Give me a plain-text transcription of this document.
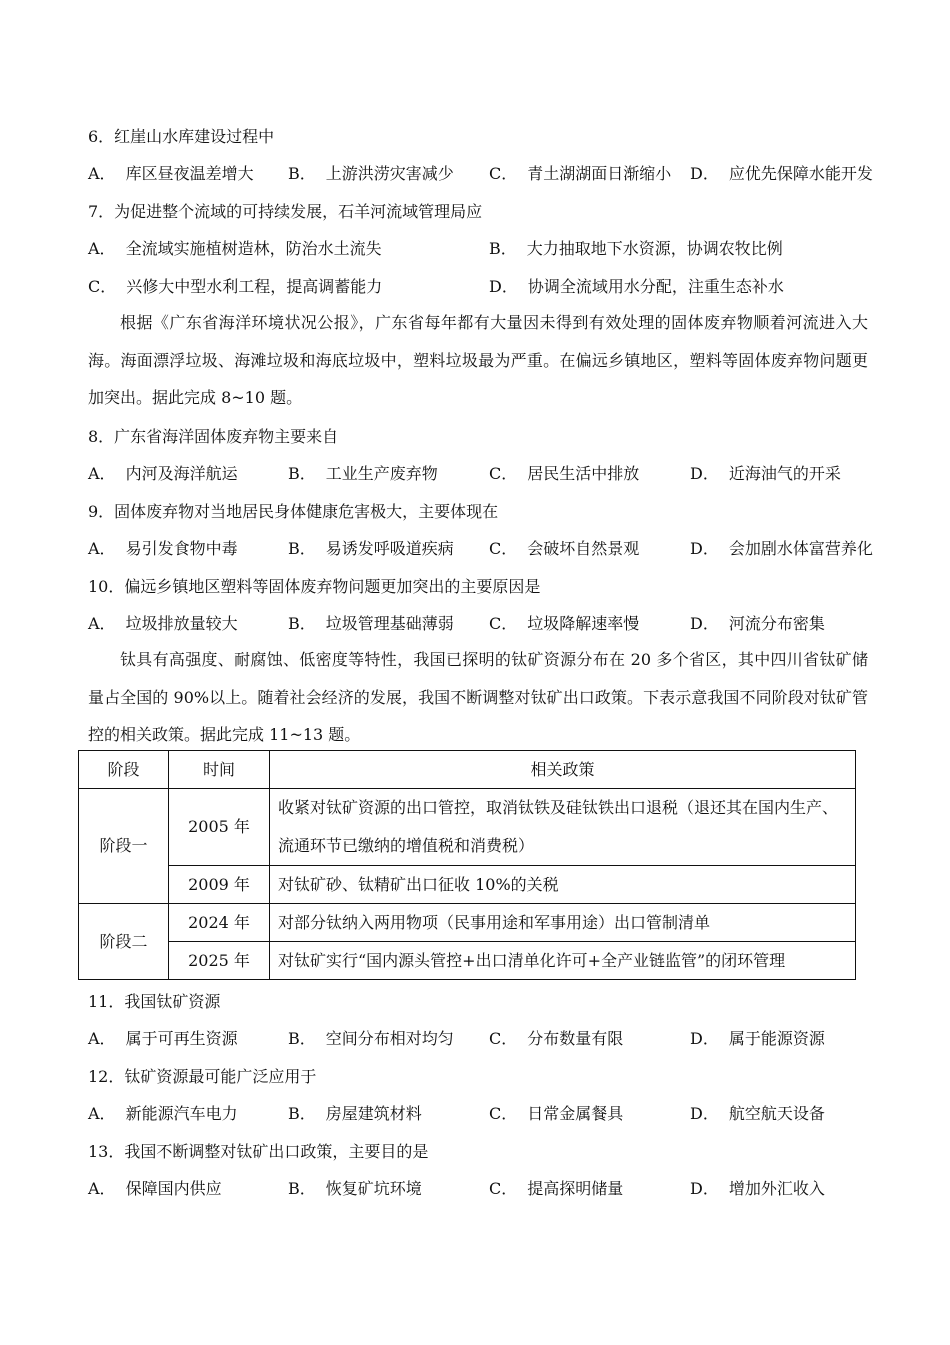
6．红崖山水库建设过程中
A． 库区昼夜温差增大 B． 上游洪涝灾害减少 C． 青土湖湖面日渐缩小 D． 应优先保障水能开发
7．为促进整个流域的可持续发展，石羊河流域管理局应
A． 全流域实施植树造林，防治水土流失	B． 大力抽取地下水资源，协调农牧比例
C． 兴修大中型水利工程，提高调蓄能力	D． 协调全流域用水分配，注重生态补水
根据《广东省海洋环境状况公报》，广东省每年都有大量因未得到有效处理的固体废弃物顺着河流进入大海。海面漂浮垃圾、海滩垃圾和海底垃圾中，塑料垃圾最为严重。在偏远乡镇地区，塑料等固体废弃物问题更加突出。据此完成 8~10 题。
8．广东省海洋固体废弃物主要来自
A． 内河及海洋航运	B． 工业生产废弃物	C． 居民生活中排放	D． 近海油气的开采
9．固体废弃物对当地居民身体健康危害极大，主要体现在
A． 易引发食物中毒	B． 易诱发呼吸道疾病 C． 会破坏自然景观	D． 会加剧水体富营养化
10．偏远乡镇地区塑料等固体废弃物问题更加突出的主要原因是
A． 垃圾排放量较大	B． 垃圾管理基础薄弱 C． 垃圾降解速率慢	D． 河流分布密集
钛具有高强度、耐腐蚀、低密度等特性，我国已探明的钛矿资源分布在 20 多个省区，其中四川省钛矿储量占全国的 90%以上。随着社会经济的发展，我国不断调整对钛矿出口政策。下表示意我国不同阶段对钛矿管控的相关政策。据此完成 11~13 题。
阶段	时间	相关政策
阶段一	2005 年	收紧对钛矿资源的出口管控，取消钛铁及硅钛铁出口退税（退还其在国内生产、
流通环节已缴纳的增值税和消费税）

	2009 年	对钛矿砂、钛精矿出口征收 10%的关税
阶段二	2024 年	对部分钛纳入两用物项（民事用途和军事用途）出口管制清单
	2025 年	对钛矿实行“国内源头管控+出口清单化许可+全产业链监管”的闭环管理
11．我国钛矿资源
A． 属于可再生资源	B． 空间分布相对均匀 C． 分布数量有限	D． 属于能源资源
12．钛矿资源最可能广泛应用于
A． 新能源汽车电力	B． 房屋建筑材料	C． 日常金属餐具	D． 航空航天设备
13．我国不断调整对钛矿出口政策，主要目的是
A． 保障国内供应	B． 恢复矿坑环境	C． 提高探明储量	D． 增加外汇收入
